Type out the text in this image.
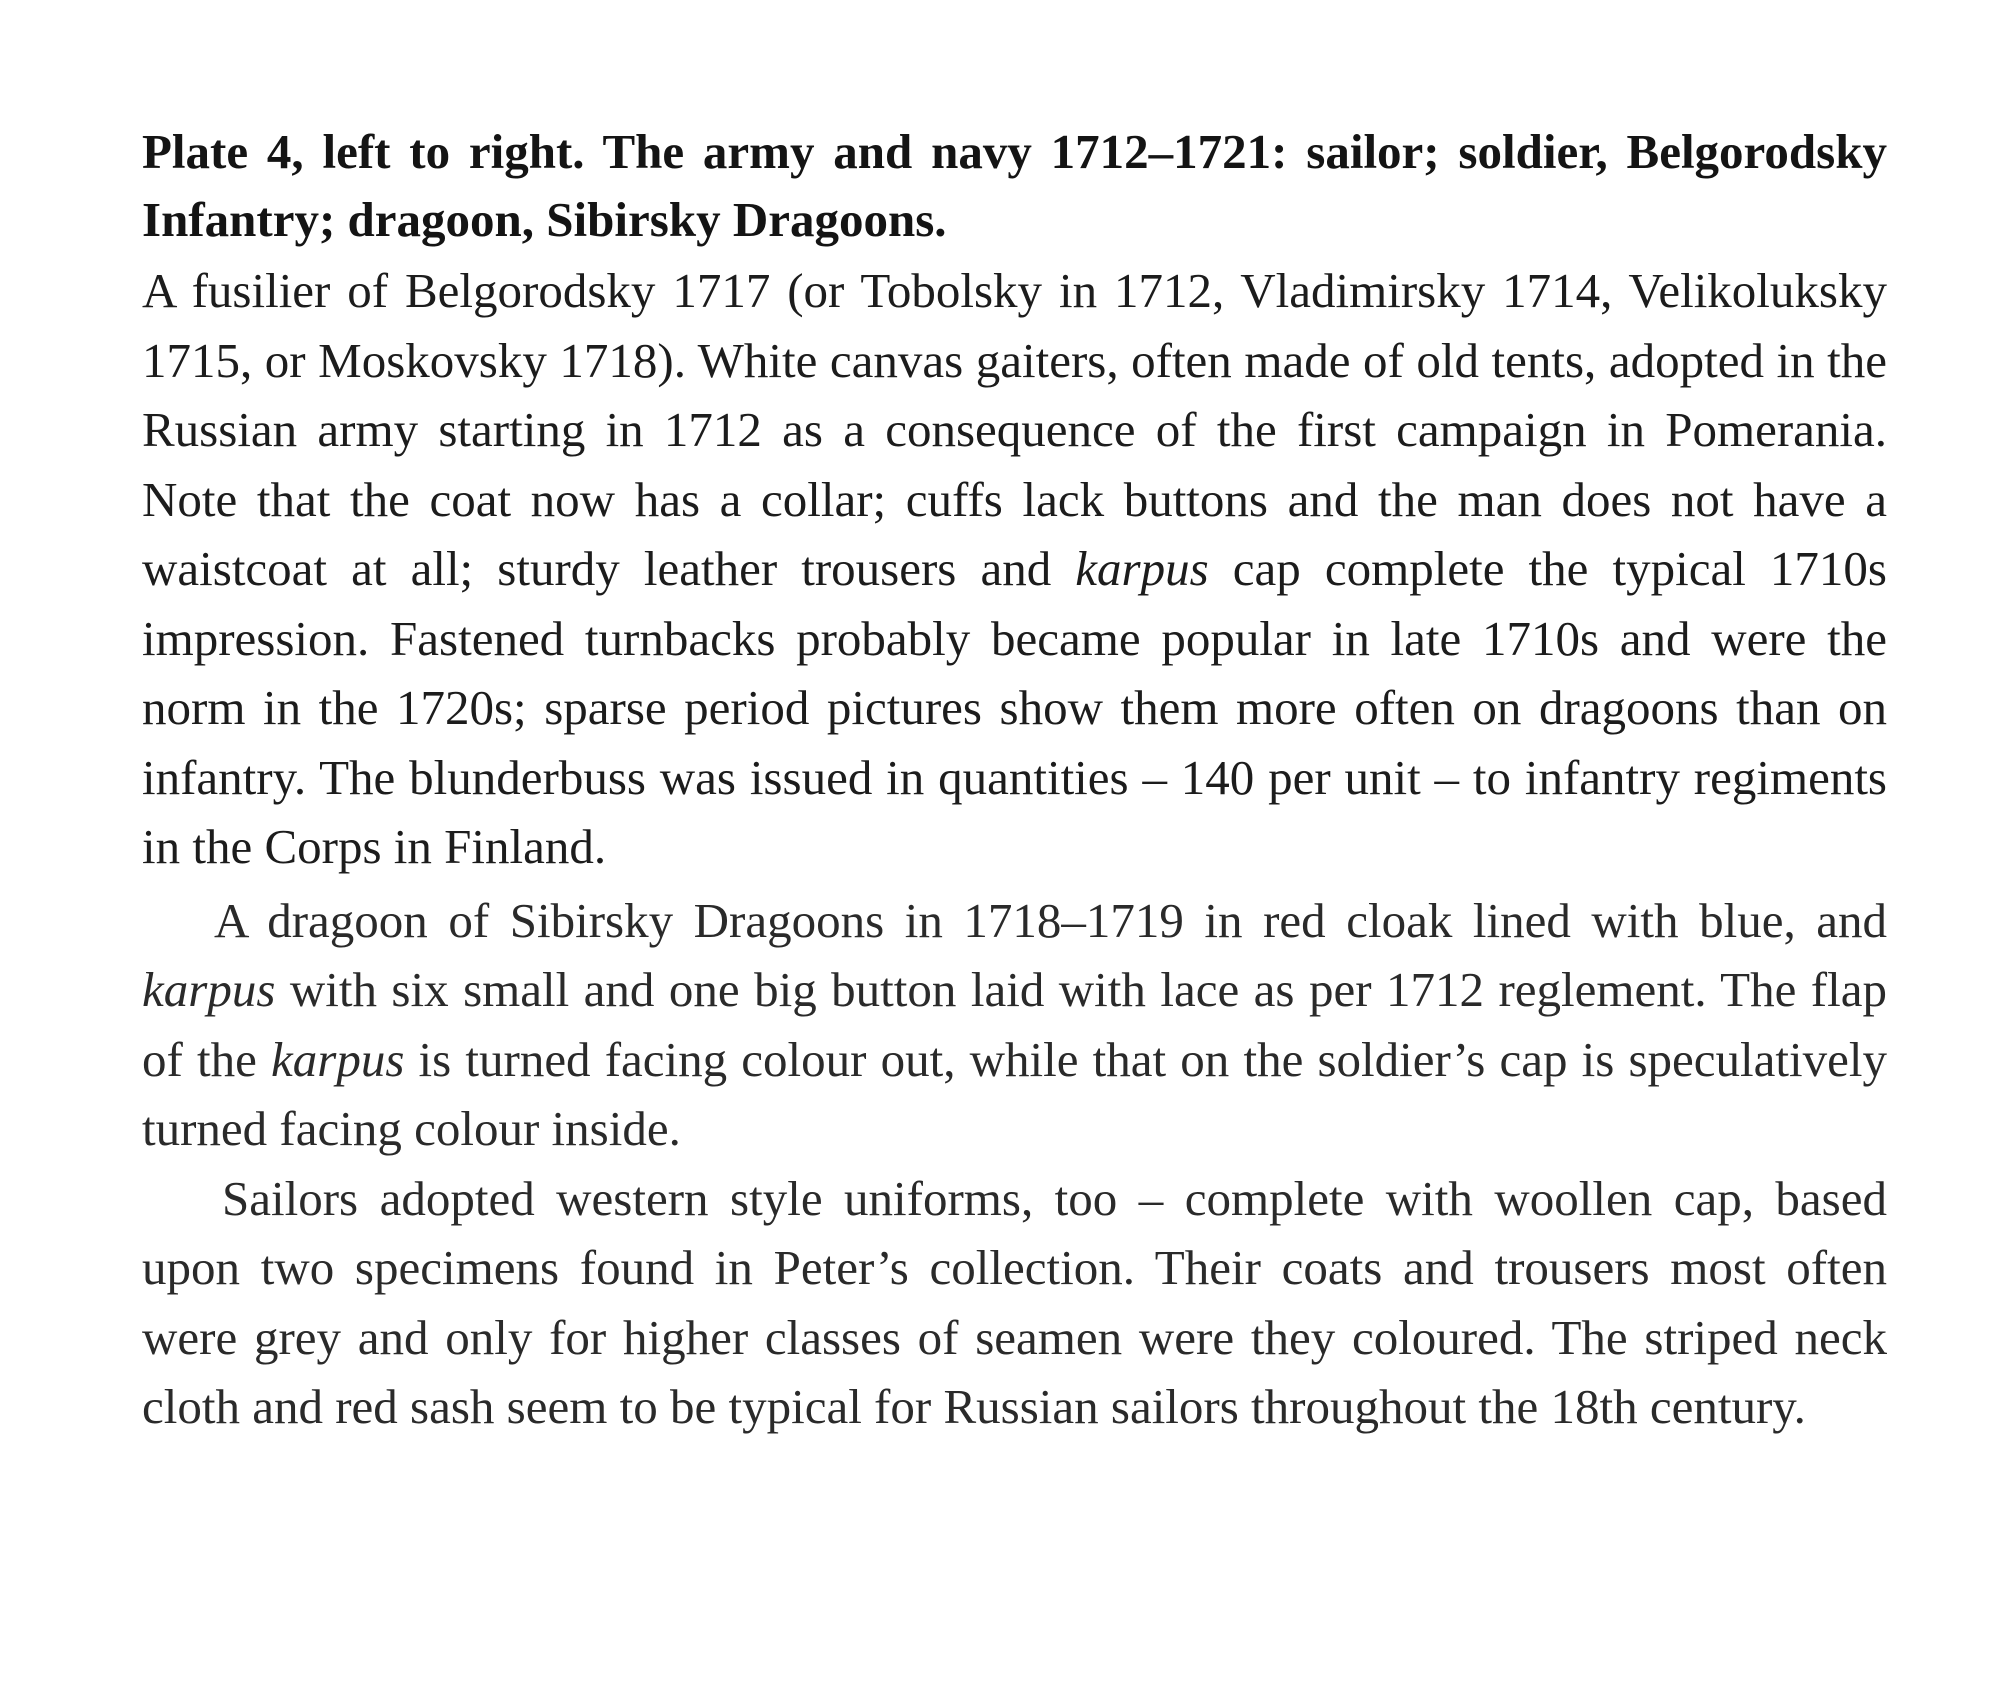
Plate 4, left to right. The army and navy 1712–1721: sailor; soldier, Belgorodsky Infantry; dragoon, Sibirsky Dragoons.

A fusilier of Belgorodsky 1717 (or Tobolsky in 1712, Vladimirsky 1714, Velikoluksky 1715, or Moskovsky 1718). White canvas gaiters, often made of old tents, adopted in the Russian army starting in 1712 as a consequence of the first campaign in Pomerania. Note that the coat now has a collar; cuffs lack buttons and the man does not have a waistcoat at all; sturdy leather trousers and karpus cap complete the typical 1710s impression. Fastened turnbacks probably became popular in late 1710s and were the norm in the 1720s; sparse period pictures show them more often on dragoons than on infantry. The blunderbuss was issued in quantities – 140 per unit – to infantry regiments in the Corps in Finland.

A dragoon of Sibirsky Dragoons in 1718–1719 in red cloak lined with blue, and karpus with six small and one big button laid with lace as per 1712 reglement. The flap of the karpus is turned facing colour out, while that on the soldier’s cap is speculatively turned facing colour inside.

Sailors adopted western style uniforms, too – complete with woollen cap, based upon two specimens found in Peter’s collection. Their coats and trousers most often were grey and only for higher classes of seamen were they coloured. The striped neck cloth and red sash seem to be typical for Russian sailors throughout the 18th century.
